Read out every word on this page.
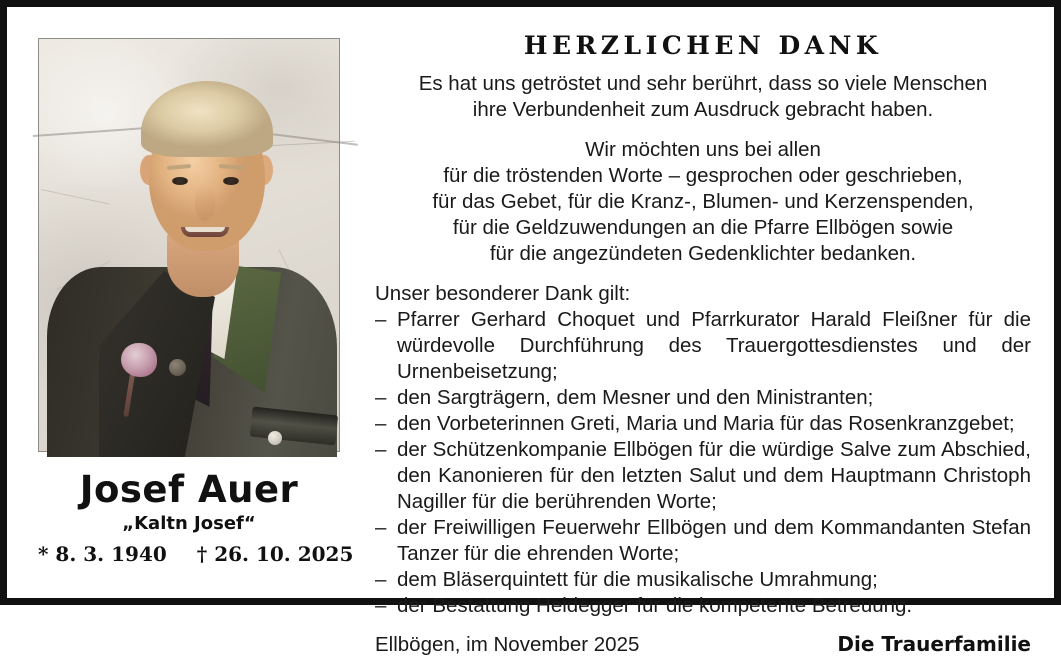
Josef Auer
„Kaltn Josef“
* 8. 3. 1940 † 26. 10. 2025
HERZLICHEN DANK

Es hat uns getröstet und sehr berührt, dass so viele Menschen
ihre Verbundenheit zum Ausdruck gebracht haben.

Wir möchten uns bei allen
für die tröstenden Worte – gesprochen oder geschrieben,
für das Gebet, für die Kranz-, Blumen- und Kerzenspenden,
für die Geldzuwendungen an die Pfarre Ellbögen sowie
für die angezündeten Gedenklichter bedanken.

Unser besonderer Dank gilt:

– Pfarrer Gerhard Choquet und Pfarrkurator Harald Fleißner für die würdevolle Durchführung des Trauergottesdienstes und der Urnenbeisetzung;
– den Sargträgern, dem Mesner und den Ministranten;
– den Vorbeterinnen Greti, Maria und Maria für das Rosenkranzgebet;
– der Schützenkompanie Ellbögen für die würdige Salve zum Abschied, den Kanonieren für den letzten Salut und dem Hauptmann Christoph Nagiller für die berührenden Worte;
– der Freiwilligen Feuerwehr Ellbögen und dem Kommandanten Stefan Tanzer für die ehrenden Worte;
– dem Bläserquintett für die musikalische Umrahmung;
– der Bestattung Heidegger für die kompetente Betreuung.
Ellbögen, im November 2025	Die Trauerfamilie
